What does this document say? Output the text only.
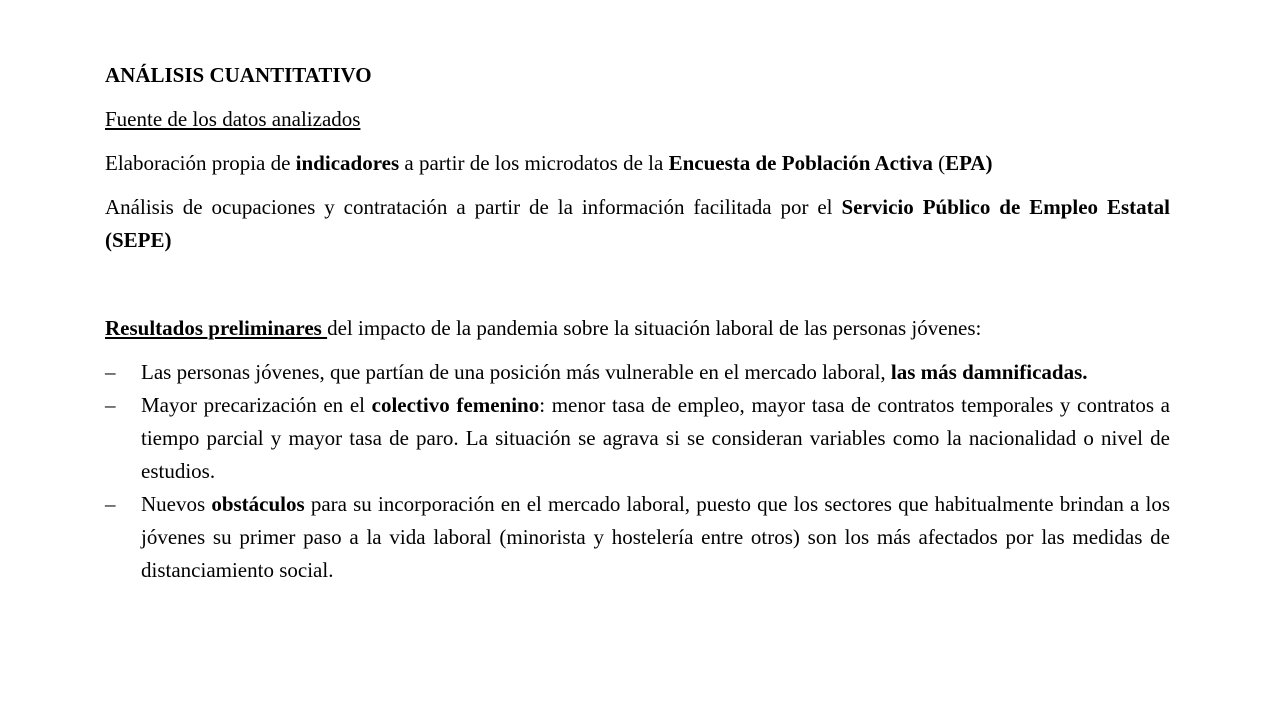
ANÁLISIS CUANTITATIVO

Fuente de los datos analizados

Elaboración propia de indicadores a partir de los microdatos de la Encuesta de Población Activa (EPA)

Análisis de ocupaciones y contratación a partir de la información facilitada por el Servicio Público de Empleo Estatal (SEPE)

Resultados preliminares del impacto de la pandemia sobre la situación laboral de las personas jóvenes:

–	Las personas jóvenes, que partían de una posición más vulnerable en el mercado laboral, las más damnificadas.
–	Mayor precarización en el colectivo femenino: menor tasa de empleo, mayor tasa de contratos temporales y contratos a tiempo parcial y mayor tasa de paro. La situación se agrava si se consideran variables como la nacionalidad o nivel de estudios.
–	Nuevos obstáculos para su incorporación en el mercado laboral, puesto que los sectores que habitualmente brindan a los jóvenes su primer paso a la vida laboral (minorista y hostelería entre otros) son los más afectados por las medidas de distanciamiento social.
